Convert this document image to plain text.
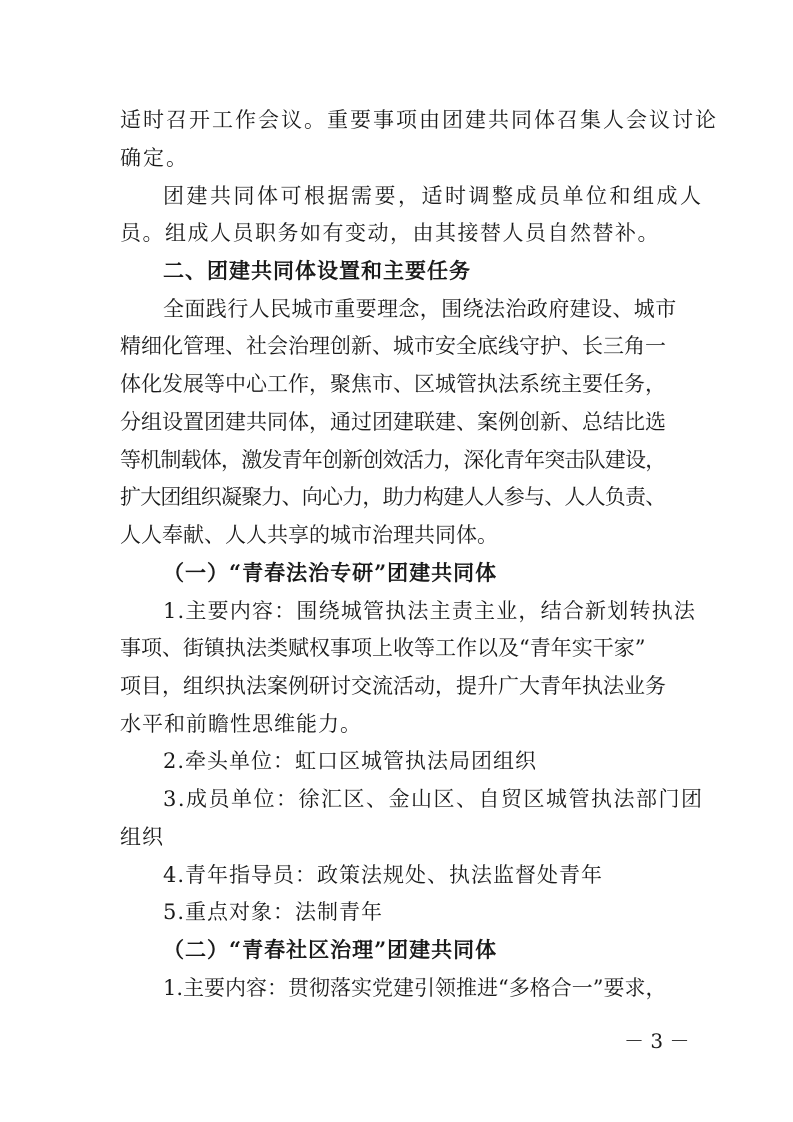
适时召开工作会议。重要事项由团建共同体召集人会议讨论
确定。
团建共同体可根据需要，适时调整成员单位和组成人
员。组成人员职务如有变动，由其接替人员自然替补。
二、团建共同体设置和主要任务
全面践行人民城市重要理念，围绕法治政府建设、城市
精细化管理、社会治理创新、城市安全底线守护、长三角一
体化发展等中心工作，聚焦市、区城管执法系统主要任务，
分组设置团建共同体，通过团建联建、案例创新、总结比选
等机制载体，激发青年创新创效活力，深化青年突击队建设，
扩大团组织凝聚力、向心力，助力构建人人参与、人人负责、
人人奉献、人人共享的城市治理共同体。
（一）“青春法治专研”团建共同体
1.主要内容：围绕城管执法主责主业，结合新划转执法
事项、街镇执法类赋权事项上收等工作以及“青年实干家”
项目，组织执法案例研讨交流活动，提升广大青年执法业务
水平和前瞻性思维能力。
2.牵头单位：虹口区城管执法局团组织
3.成员单位：徐汇区、金山区、自贸区城管执法部门团
组织
4.青年指导员：政策法规处、执法监督处青年
5.重点对象：法制青年
（二）“青春社区治理”团建共同体
1.主要内容：贯彻落实党建引领推进“多格合一”要求，
－ 3 －
